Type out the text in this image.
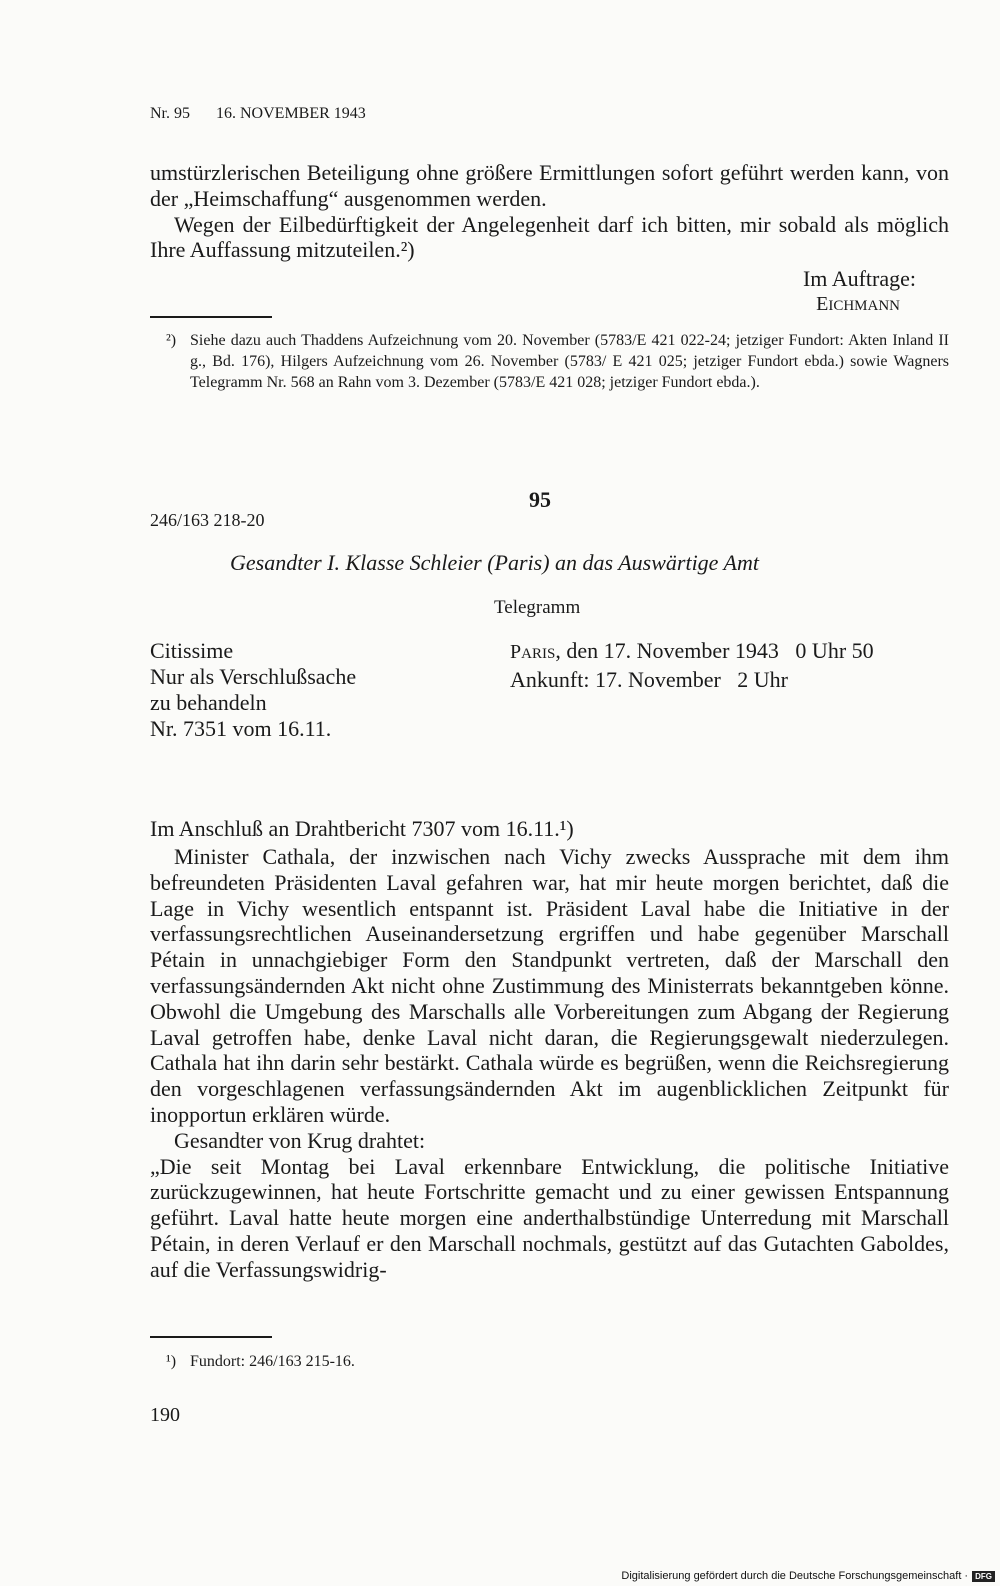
Nr. 95 16. NOVEMBER 1943

umstürzlerischen Beteiligung ohne größere Ermittlungen sofort geführt werden kann, von der „Heimschaffung“ ausgenommen werden.

Wegen der Eilbedürftigkeit der Angelegenheit darf ich bitten, mir sobald als möglich Ihre Auffassung mitzuteilen.²)

Im Auftrage:
EICHMANN
²) Siehe dazu auch Thaddens Aufzeichnung vom 20. November (5783/E 421 022-24; jetziger Fundort: Akten Inland II g., Bd. 176), Hilgers Aufzeichnung vom 26. November (5783/ E 421 025; jetziger Fundort ebda.) sowie Wagners Telegramm Nr. 568 an Rahn vom 3. Dezember (5783/E 421 028; jetziger Fundort ebda.).
95
246/163 218-20
Gesandter I. Klasse Schleier (Paris) an das Auswärtige Amt
Telegramm
Citissime
Nur als Verschlußsache
zu behandeln
Nr. 7351 vom 16.11.
PARIS, den 17. November 1943   0 Uhr 50
Ankunft: 17. November   2 Uhr
Im Anschluß an Drahtbericht 7307 vom 16.11.¹)

Minister Cathala, der inzwischen nach Vichy zwecks Aussprache mit dem ihm befreundeten Präsidenten Laval gefahren war, hat mir heute morgen berichtet, daß die Lage in Vichy wesentlich entspannt ist. Präsident Laval habe die Initiative in der verfassungsrechtlichen Auseinandersetzung ergriffen und habe gegenüber Marschall Pétain in unnachgiebiger Form den Standpunkt vertreten, daß der Marschall den verfassungsändernden Akt nicht ohne Zustimmung des Ministerrats bekanntgeben könne. Obwohl die Umgebung des Marschalls alle Vorbereitungen zum Abgang der Regierung Laval getroffen habe, denke Laval nicht daran, die Regierungsgewalt niederzulegen. Cathala hat ihn darin sehr bestärkt. Cathala würde es begrüßen, wenn die Reichsregierung den vorgeschlagenen verfassungsändernden Akt im augenblicklichen Zeitpunkt für inopportun erklären würde.

Gesandter von Krug drahtet:

„Die seit Montag bei Laval erkennbare Entwicklung, die politische Initiative zurückzugewinnen, hat heute Fortschritte gemacht und zu einer gewissen Entspannung geführt. Laval hatte heute morgen eine anderthalbstündige Unterredung mit Marschall Pétain, in deren Verlauf er den Marschall nochmals, gestützt auf das Gutachten Gaboldes, auf die Verfassungswidrig-

¹) Fundort: 246/163 215-16.
190
Digitalisierung gefördert durch die Deutsche Forschungsgemeinschaft · DFG
